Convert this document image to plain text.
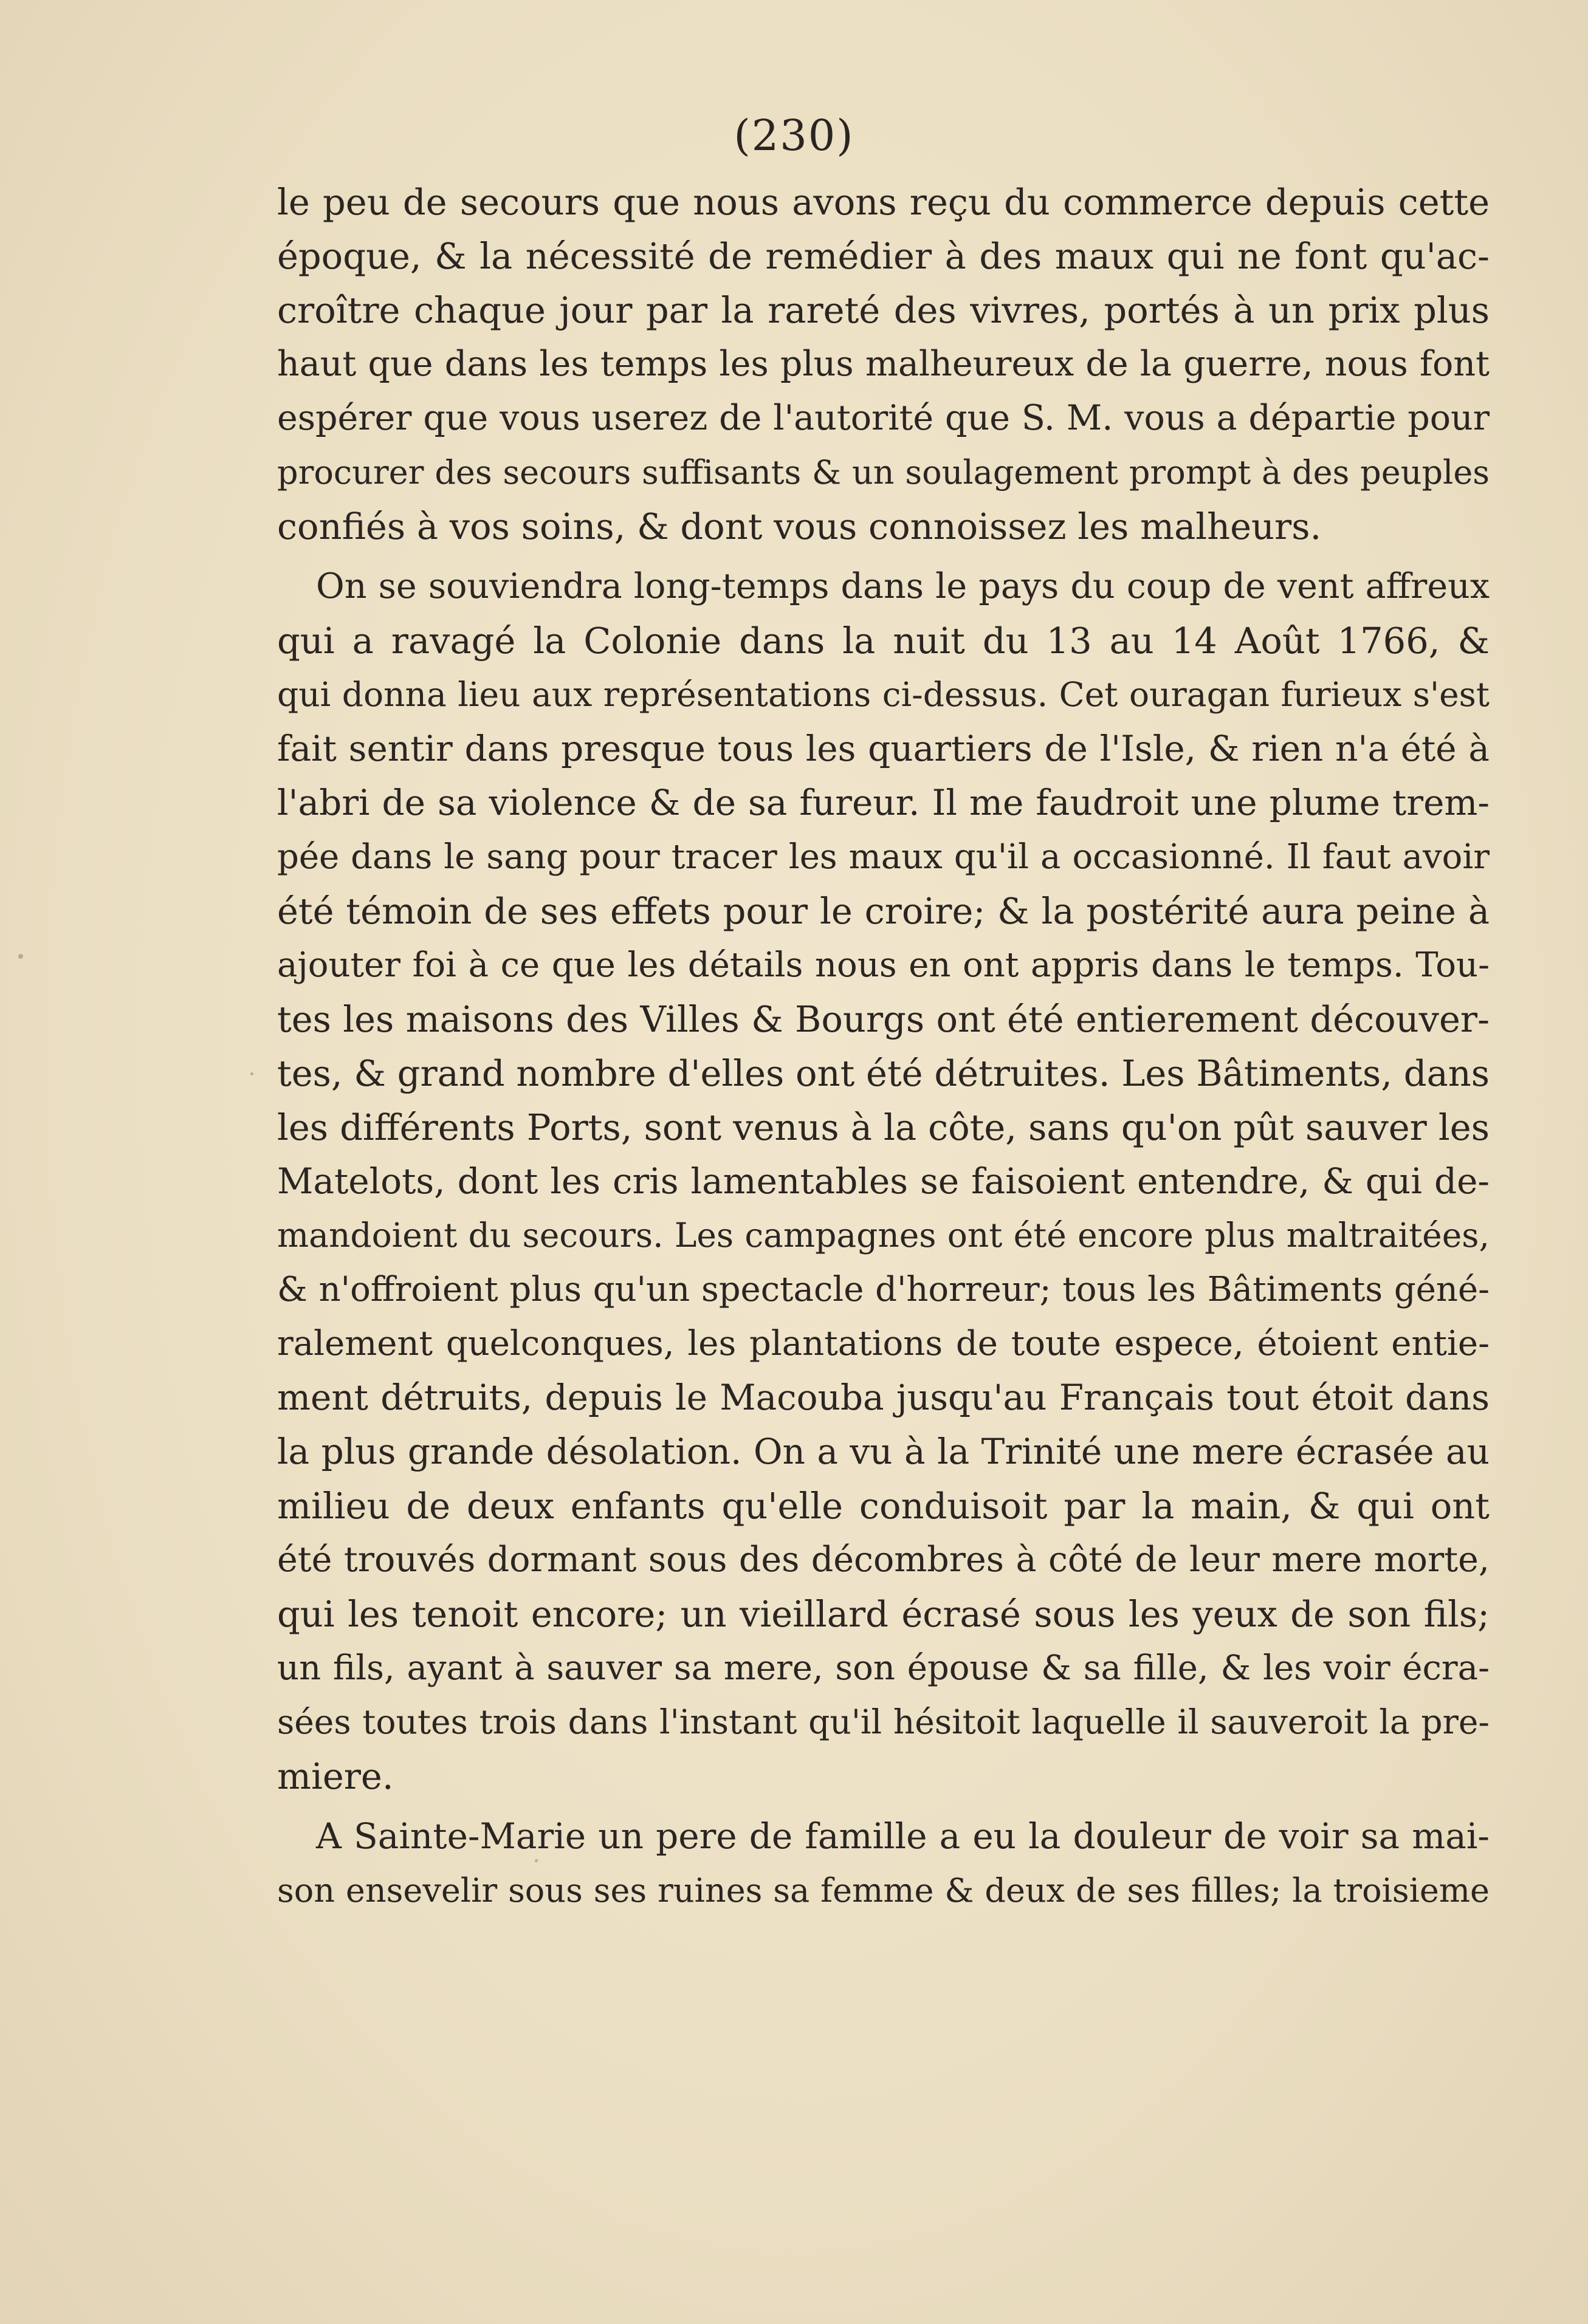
(230)
le peu de secours que nous avons reçu du commerce depuis cette
époque, & la nécessité de remédier à des maux qui ne font qu'ac-
croître chaque jour par la rareté des vivres, portés à un prix plus
haut que dans les temps les plus malheureux de la guerre, nous font
espérer que vous userez de l'autorité que S. M. vous a départie pour
procurer des secours suffisants & un soulagement prompt à des peuples
confiés à vos soins, & dont vous connoissez les malheurs.
On se souviendra long-temps dans le pays du coup de vent affreux
qui a ravagé la Colonie dans la nuit du 13 au 14 Août 1766, &
qui donna lieu aux représentations ci-dessus. Cet ouragan furieux s'est
fait sentir dans presque tous les quartiers de l'Isle, & rien n'a été à
l'abri de sa violence & de sa fureur. Il me faudroit une plume trem-
pée dans le sang pour tracer les maux qu'il a occasionné. Il faut avoir
été témoin de ses effets pour le croire; & la postérité aura peine à
ajouter foi à ce que les détails nous en ont appris dans le temps. Tou-
tes les maisons des Villes & Bourgs ont été entierement découver-
tes, & grand nombre d'elles ont été détruites. Les Bâtiments, dans
les différents Ports, sont venus à la côte, sans qu'on pût sauver les
Matelots, dont les cris lamentables se faisoient entendre, & qui de-
mandoient du secours. Les campagnes ont été encore plus maltraitées,
& n'offroient plus qu'un spectacle d'horreur; tous les Bâtiments géné-
ralement quelconques, les plantations de toute espece, étoient entie-
ment détruits, depuis le Macouba jusqu'au Français tout étoit dans
la plus grande désolation. On a vu à la Trinité une mere écrasée au
milieu de deux enfants qu'elle conduisoit par la main, & qui ont
été trouvés dormant sous des décombres à côté de leur mere morte,
qui les tenoit encore; un vieillard écrasé sous les yeux de son fils;
un fils, ayant à sauver sa mere, son épouse & sa fille, & les voir écra-
sées toutes trois dans l'instant qu'il hésitoit laquelle il sauveroit la pre-
miere.
A Sainte-Marie un pere de famille a eu la douleur de voir sa mai-
son ensevelir sous ses ruines sa femme & deux de ses filles; la troisieme
